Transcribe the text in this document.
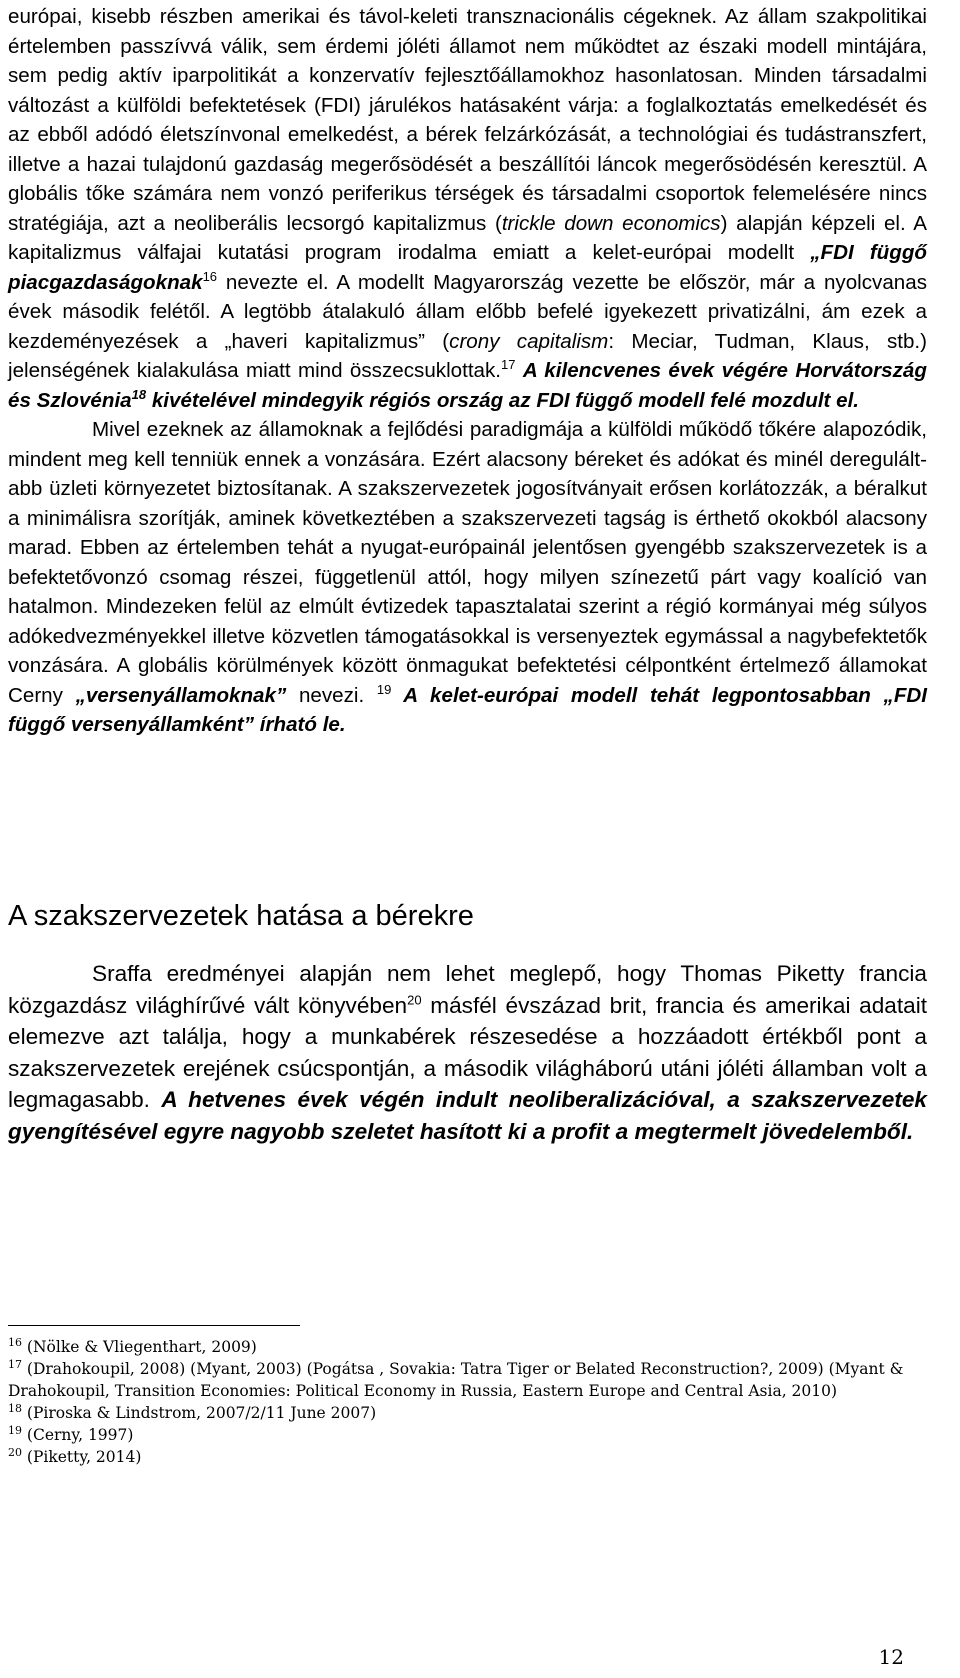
európai, kisebb részben amerikai és távol-keleti transznacionális cégeknek. Az állam szakpolitikai értelemben passzívvá válik, sem érdemi jóléti államot nem működtet az északi modell mintájára, sem pedig aktív iparpolitikát a konzervatív fejlesztőállamokhoz hasonlatosan. Minden társadalmi változást a külföldi befektetések (FDI) járulékos hatásaként várja: a foglalkoztatás emelkedését és az ebből adódó életszínvonal emelkedést, a bérek felzárkózását, a technológiai és tudástranszfert, illetve a hazai tulajdonú gazdaság megerősödését a beszállítói láncok megerősödésén keresztül. A globális tőke számára nem vonzó periferikus térségek és társadalmi csoportok felemelésére nincs stratégiája, azt a neoliberális lecsorgó kapitalizmus (trickle down economics) alapján képzeli el. A kapitalizmus válfajai kutatási program irodalma emiatt a kelet-európai modellt „FDI függő piacgazdaságoknak$^{16}$ nevezte el. A modellt Magyarország vezette be először, már a nyolcvanas évek második felétől. A legtöbb átalakuló állam előbb befelé igyekezett privatizálni, ám ezek a kezdeményezések a „haveri kapitalizmus” (crony capitalism: Meciar, Tudman, Klaus, stb.) jelenségének kialakulása miatt mind összecsuklottak.$^{17}$ A kilencvenes évek végére Horvátország és Szlovénia$^{18}$ kivételével mindegyik régiós ország az FDI függő modell felé mozdult el.

Mivel ezeknek az államoknak a fejlődési paradigmája a külföldi működő tőkére alapozódik, mindent meg kell tenniük ennek a vonzására. Ezért alacsony béreket és adókat és minél dereguláltabb üzleti környezetet biztosítanak. A szakszervezetek jogosítványait erősen korlátozzák, a béralkut a minimálisra szorítják, aminek következtében a szakszervezeti tagság is érthető okokból alacsony marad. Ebben az értelemben tehát a nyugat-európainál jelentősen gyengébb szakszervezetek is a befektetővonzó csomag részei, függetlenül attól, hogy milyen színezetű párt vagy koalíció van hatalmon. Mindezeken felül az elmúlt évtizedek tapasztalatai szerint a régió kormányai még súlyos adókedvezményekkel illetve közvetlen támogatásokkal is versenyeztek egymással a nagybefektetők vonzására. A globális körülmények között önmagukat befektetési célpontként értelmező államokat Cerny „versenyállamoknak” nevezi. $^{19}$ A kelet-európai modell tehát legpontosabban „FDI függő versenyállamként” írható le.

A szakszervezetek hatása a bérekre

Sraffa eredményei alapján nem lehet meglepő, hogy Thomas Piketty francia közgazdász világhírűvé vált könyvében$^{20}$ másfél évszázad brit, francia és amerikai adatait elemezve azt találja, hogy a munkabérek részesedése a hozzáadott értékből pont a szakszervezetek erejének csúcspontján, a második világháború utáni jóléti államban volt a legmagasabb. A hetvenes évek végén indult neoliberalizációval, a szakszervezetek gyengítésével egyre nagyobb szeletet hasított ki a profit a megtermelt jövedelemből.

$^{16}$ (Nölke & Vliegenthart, 2009)

$^{17}$ (Drahokoupil, 2008) (Myant, 2003) (Pogátsa , Sovakia: Tatra Tiger or Belated Reconstruction?, 2009) (Myant & Drahokoupil, Transition Economies: Political Economy in Russia, Eastern Europe and Central Asia, 2010)

$^{18}$ (Piroska & Lindstrom, 2007/2/11 June 2007)

$^{19}$ (Cerny, 1997)

$^{20}$ (Piketty, 2014)

12
